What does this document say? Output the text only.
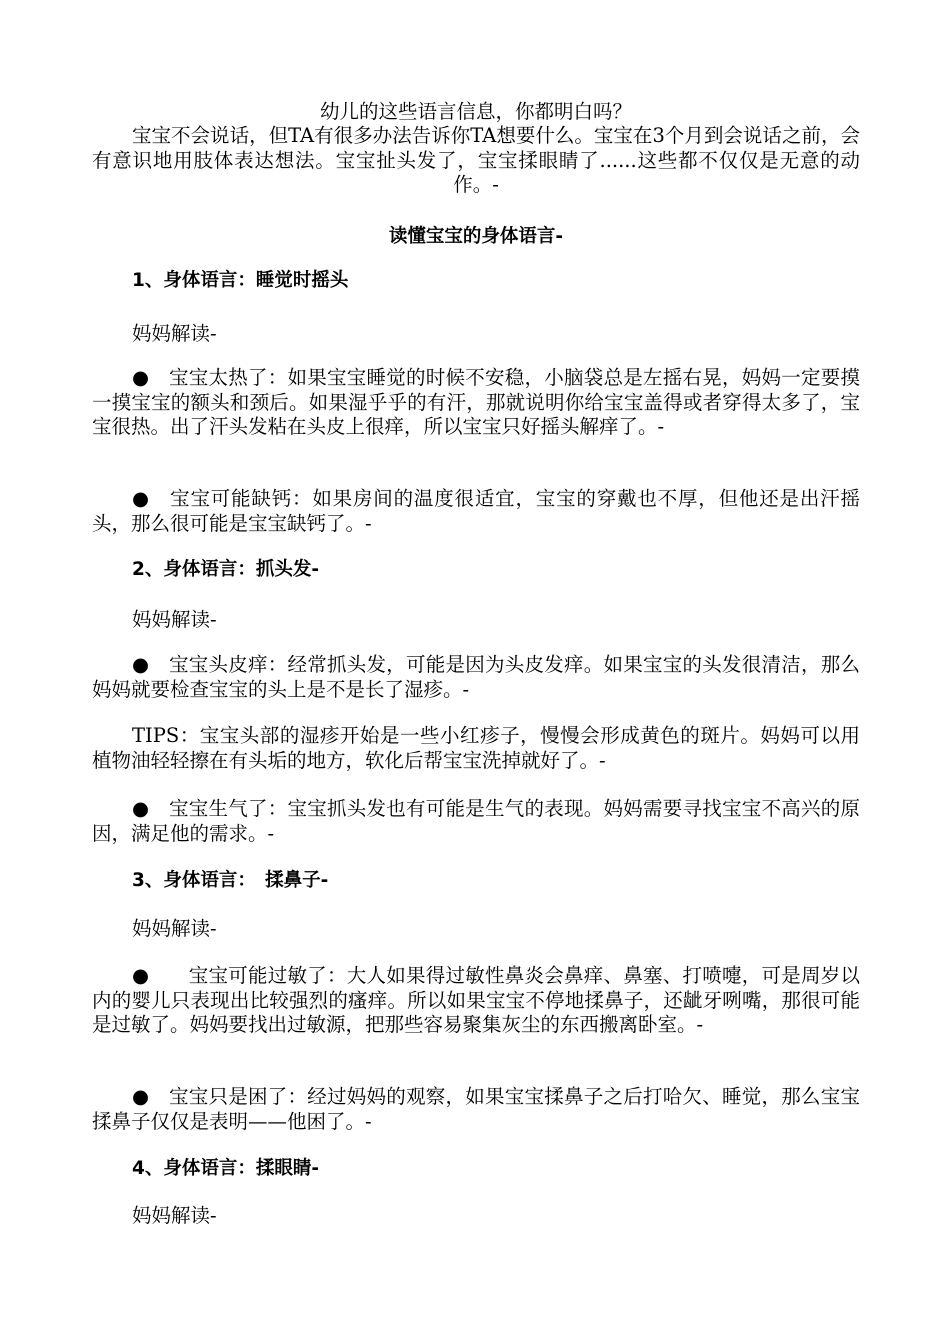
幼儿的这些语言信息，你都明白吗？

宝宝不会说话，但TA有很多办法告诉你TA想要什么。宝宝在3个月到会说话之前，会有意识地用肢体表达想法。宝宝扯头发了，宝宝揉眼睛了......这些都不仅仅是无意的动作。-

读懂宝宝的身体语言-

1、身体语言：睡觉时摇头

妈妈解读-

●　宝宝太热了：如果宝宝睡觉的时候不安稳，小脑袋总是左摇右晃，妈妈一定要摸一摸宝宝的额头和颈后。如果湿乎乎的有汗，那就说明你给宝宝盖得或者穿得太多了，宝宝很热。出了汗头发粘在头皮上很痒，所以宝宝只好摇头解痒了。-

●　宝宝可能缺钙：如果房间的温度很适宜，宝宝的穿戴也不厚，但他还是出汗摇头，那么很可能是宝宝缺钙了。-

2、身体语言：抓头发-

妈妈解读-

●　宝宝头皮痒：经常抓头发，可能是因为头皮发痒。如果宝宝的头发很清洁，那么妈妈就要检查宝宝的头上是不是长了湿疹。-

TIPS：宝宝头部的湿疹开始是一些小红疹子，慢慢会形成黄色的斑片。妈妈可以用植物油轻轻擦在有头垢的地方，软化后帮宝宝洗掉就好了。-

●　宝宝生气了：宝宝抓头发也有可能是生气的表现。妈妈需要寻找宝宝不高兴的原因，满足他的需求。-

3、身体语言：　揉鼻子-

妈妈解读-

●　　宝宝可能过敏了：大人如果得过敏性鼻炎会鼻痒、鼻塞、打喷嚏，可是周岁以内的婴儿只表现出比较强烈的瘙痒。所以如果宝宝不停地揉鼻子，还龇牙咧嘴，那很可能是过敏了。妈妈要找出过敏源，把那些容易聚集灰尘的东西搬离卧室。-

●　宝宝只是困了：经过妈妈的观察，如果宝宝揉鼻子之后打哈欠、睡觉，那么宝宝揉鼻子仅仅是表明——他困了。-

4、身体语言：揉眼睛-

妈妈解读-
